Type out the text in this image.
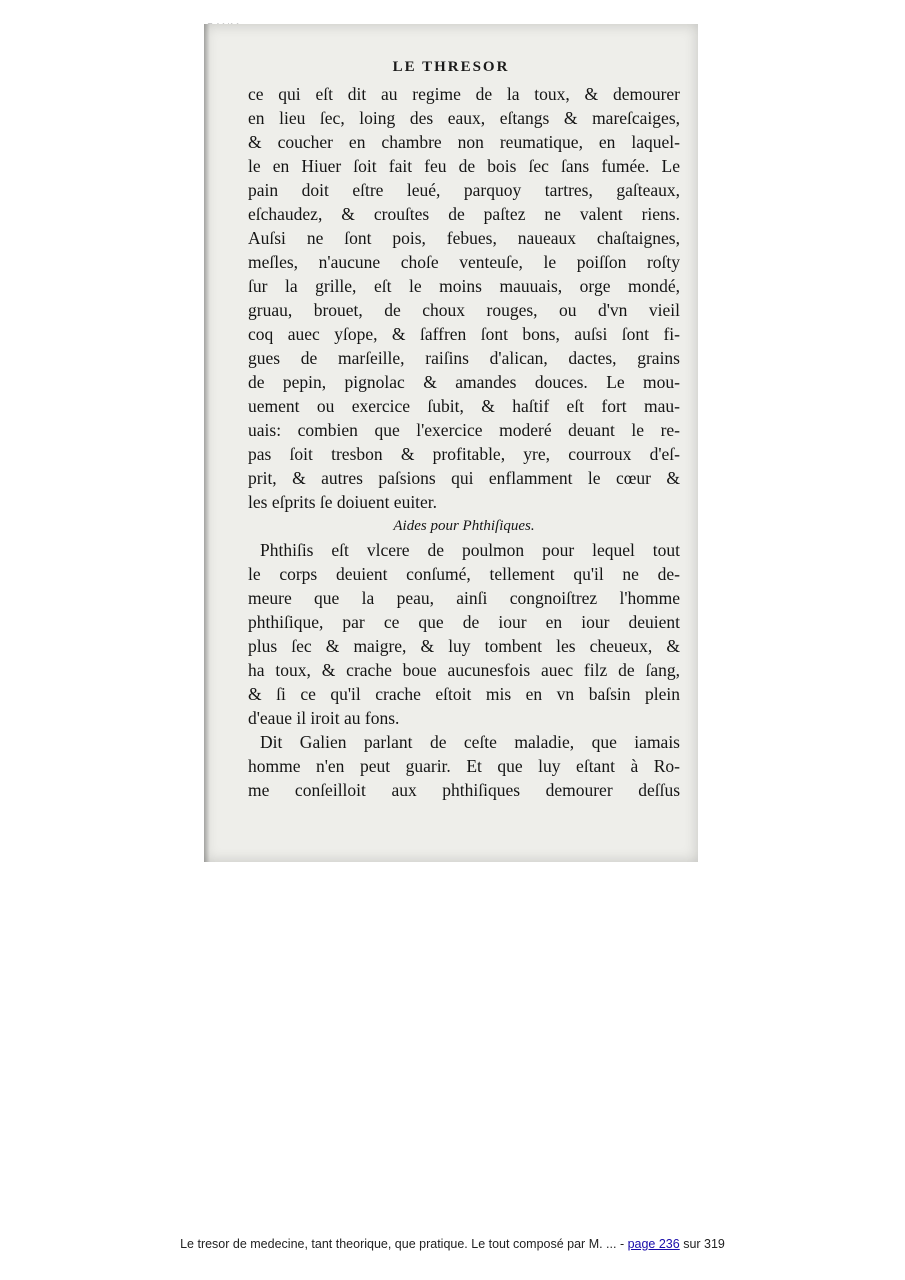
LE THRESOR
ce qui eſt dit au regime de la toux, & demourer
en lieu ſec, loing des eaux, eſtangs & mareſcaiges,
& coucher en chambre non reumatique, en laquel-
le en Hiuer ſoit fait feu de bois ſec ſans fumée. Le
pain doit eſtre leué, parquoy tartres, gaſteaux,
eſchaudez, & crouſtes de paſtez ne valent riens.
Auſsi ne ſont pois, febues, naueaux chaſtaignes,
meſles, n'aucune choſe venteuſe, le poiſſon roſty
ſur la grille, eſt le moins mauuais, orge mondé,
gruau, brouet, de choux rouges, ou d'vn vieil
coq auec yſope, & ſaffren ſont bons, auſsi ſont fi-
gues de marſeille, raiſins d'alican, dactes, grains
de pepin, pignolac & amandes douces. Le mou-
uement ou exercice ſubit, & haſtif eſt fort mau-
uais: combien que l'exercice moderé deuant le re-
pas ſoit tresbon & profitable, yre, courroux d'eſ-
prit, & autres paſsions qui enflamment le cœur &
les eſprits ſe doiuent euiter.
Aides pour Phthiſiques.
Phthiſis eſt vlcere de poulmon pour lequel tout
le corps deuient conſumé, tellement qu'il ne de-
meure que la peau, ainſi congnoiſtrez l'homme
phthiſique, par ce que de iour en iour deuient
plus ſec & maigre, & luy tombent les cheueux, &
ha toux, & crache boue aucunesfois auec filz de ſang,
& ſi ce qu'il crache eſtoit mis en vn baſsin plein
d'eaue il iroit au fons.
Dit Galien parlant de ceſte maladie, que iamais
homme n'en peut guarir. Et que luy eſtant à Ro-
me conſeilloit aux phthiſiques demourer deſſus
Le tresor de medecine, tant theorique, que pratique. Le tout composé par M. ... - page 236 sur 319
